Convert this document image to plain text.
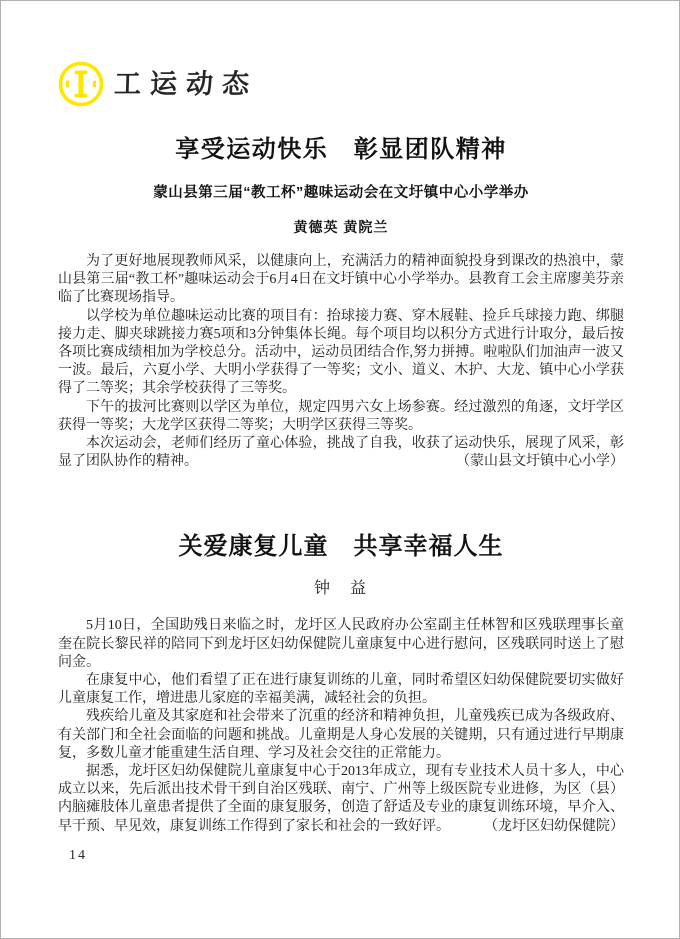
工运动态
享受运动快乐　彰显团队精神
蒙山县第三届“教工杯”趣味运动会在文圩镇中心小学举办
黄德英 黄院兰

为了更好地展现教师风采，以健康向上，充满活力的精神面貌投身到课改的热浪中，蒙山县第三届“教工杯”趣味运动会于6月4日在文圩镇中心小学举办。县教育工会主席廖美芬亲临了比赛现场指导。

以学校为单位趣味运动比赛的项目有：抬球接力赛、穿木屐鞋、捡乒乓球接力跑、绑腿接力走、脚夹球跳接力赛5项和3分钟集体长绳。每个项目均以积分方式进行计取分，最后按各项比赛成绩相加为学校总分。活动中，运动员团结合作,努力拼搏。啦啦队们加油声一波又一波。最后，六夏小学、大明小学获得了一等奖；文小、道义、木护、大龙、镇中心小学获得了二等奖；其余学校获得了三等奖。

下午的拔河比赛则以学区为单位，规定四男六女上场参赛。经过激烈的角逐，文圩学区获得一等奖；大龙学区获得二等奖；大明学区获得三等奖。

本次运动会，老师们经历了童心体验，挑战了自我，收获了运动快乐，展现了风采，彰显了团队协作的精神。	（蒙山县文圩镇中心小学）

关爱康复儿童　共享幸福人生
钟　益

5月10日，全国助残日来临之时，龙圩区人民政府办公室副主任林智和区残联理事长童奎在院长黎民祥的陪同下到龙圩区妇幼保健院儿童康复中心进行慰问，区残联同时送上了慰问金。

在康复中心，他们看望了正在进行康复训练的儿童，同时希望区妇幼保健院要切实做好儿童康复工作，增进患儿家庭的幸福美满，减轻社会的负担。

残疾给儿童及其家庭和社会带来了沉重的经济和精神负担，儿童残疾已成为各级政府、有关部门和全社会面临的问题和挑战。儿童期是人身心发展的关键期，只有通过进行早期康复，多数儿童才能重建生活自理、学习及社会交往的正常能力。

据悉，龙圩区妇幼保健院儿童康复中心于2013年成立，现有专业技术人员十多人，中心成立以来，先后派出技术骨干到自治区残联、南宁、广州等上级医院专业进修，为区（县）内脑瘫肢体儿童患者提供了全面的康复服务，创造了舒适及专业的康复训练环境，早介入、早干预、早见效，康复训练工作得到了家长和社会的一致好评。 （龙圩区妇幼保健院）

14
